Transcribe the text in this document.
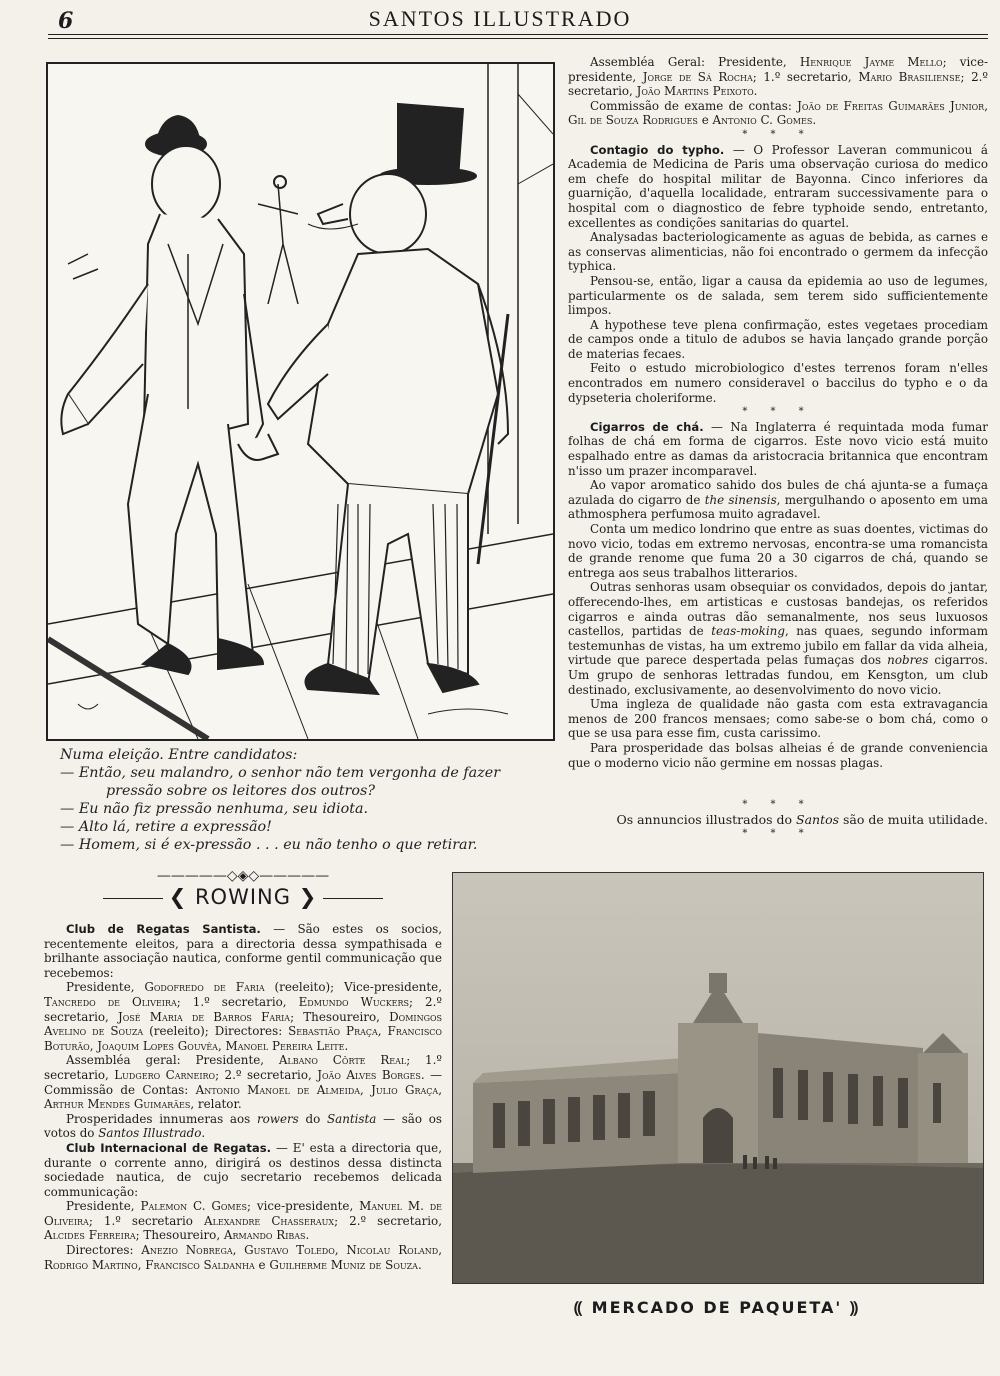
6	SANTOS ILLUSTRADO

Numa eleição. Entre candidatos:

— Então, seu malandro, o senhor não tem vergonha de fazer

pressão sobre os leitores dos outros?

— Eu não fiz pressão nenhuma, seu idiota.

— Alto lá, retire a expressão!

— Homem, si é ex-pressão . . . eu não tenho o que retirar.

Assembléa Geral: Presidente, Henrique Jayme Mello; vice-presidente, Jorge de Sá Rocha; 1.º secretario, Mario Brasiliense; 2.º secretario, João Martins Peixoto.

Commissão de exame de contas: João de Freitas Guimarães Junior, Gil de Souza Rodrigues e Antonio C. Gomes.

* * *

Contagio do typho. — O Professor Laveran communicou á Academia de Medicina de Paris uma observação curiosa do medico em chefe do hospital militar de Bayonna. Cinco inferiores da guarnição, d'aquella localidade, entraram successivamente para o hospital com o diagnostico de febre typhoide sendo, entretanto, excellentes as condições sanitarias do quartel.

Analysadas bacteriologicamente as aguas de bebida, as carnes e as conservas alimenticias, não foi encontrado o germem da infecção typhica.

Pensou-se, então, ligar a causa da epidemia ao uso de legumes, particularmente os de salada, sem terem sido sufficientemente limpos.

A hypothese teve plena confirmação, estes vegetaes procediam de campos onde a titulo de adubos se havia lançado grande porção de materias fecaes.

Feito o estudo microbiologico d'estes terrenos foram n'elles encontrados em numero consideravel o baccilus do typho e o da dypseteria choleriforme.

* * *

Cigarros de chá. — Na Inglaterra é requintada moda fumar folhas de chá em forma de cigarros. Este novo vicio está muito espalhado entre as damas da aristocracia britannica que encontram n'isso um prazer incomparavel.

Ao vapor aromatico sahido dos bules de chá ajunta-se a fumaça azulada do cigarro de the sinensis, mergulhando o aposento em uma athmosphera perfumosa muito agradavel.

Conta um medico londrino que entre as suas doentes, victimas do novo vicio, todas em extremo nervosas, encontra-se uma romancista de grande renome que fuma 20 a 30 cigarros de chá, quando se entrega aos seus trabalhos litterarios.

Outras senhoras usam obsequiar os convidados, depois do jantar, offerecendo-lhes, em artisticas e custosas bandejas, os referidos cigarros e ainda outras dão semanalmente, nos seus luxuosos castellos, partidas de teas-moking, nas quaes, segundo informam testemunhas de vistas, ha um extremo jubilo em fallar da vida alheia, virtude que parece despertada pelas fumaças dos nobres cigarros. Um grupo de senhoras lettradas fundou, em Kensgton, um club destinado, exclusivamente, ao desenvolvimento do novo vicio.

Uma ingleza de qualidade não gasta com esta extravagancia menos de 200 francos mensaes; como sabe-se o bom chá, como o que se usa para esse fim, custa carissimo.

Para prosperidade das bolsas alheias é de grande conveniencia que o moderno vicio não germine em nossas plagas.

* * *

Os annuncios illustrados do Santos são de muita utilidade.

* * *

—————◇◈◇—————
❮ ROWING ❯

Club de Regatas Santista. — São estes os socios, recentemente eleitos, para a directoria dessa sympathisada e brilhante associação nautica, conforme gentil communicação que recebemos:

Presidente, Godofredo de Faria (reeleito); Vice-presidente, Tancredo de Oliveira; 1.º secretario, Edmundo Wuckers; 2.º secretario, José Maria de Barros Faria; Thesoureiro, Domingos Avelino de Souza (reeleito); Directores: Sebastião Praça, Francisco Boturão, Joaquim Lopes Gouvêa, Manoel Pereira Leite.

Assembléa geral: Presidente, Albano Côrte Real; 1.º secretario, Ludgero Carneiro; 2.º secretario, João Alves Borges. — Commissão de Contas: Antonio Manoel de Almeida, Julio Graça, Arthur Mendes Guimarães, relator.

Prosperidades innumeras aos rowers do Santista — são os votos do Santos Illustrado.

Club Internacional de Regatas. — E' esta a directoria que, durante o corrente anno, dirigirá os destinos dessa distincta sociedade nautica, de cujo secretario recebemos delicada communicação:

Presidente, Palemon C. Gomes; vice-presidente, Manuel M. de Oliveira; 1.º secretario Alexandre Chasseraux; 2.º secretario, Alcides Ferreira; Thesoureiro, Armando Ribas.

Directores: Anezio Nobrega, Gustavo Toledo, Nicolau Roland, Rodrigo Martino, Francisco Saldanha e Guilherme Muniz de Souza.

⸨ MERCADO DE PAQUETA' ⸩
